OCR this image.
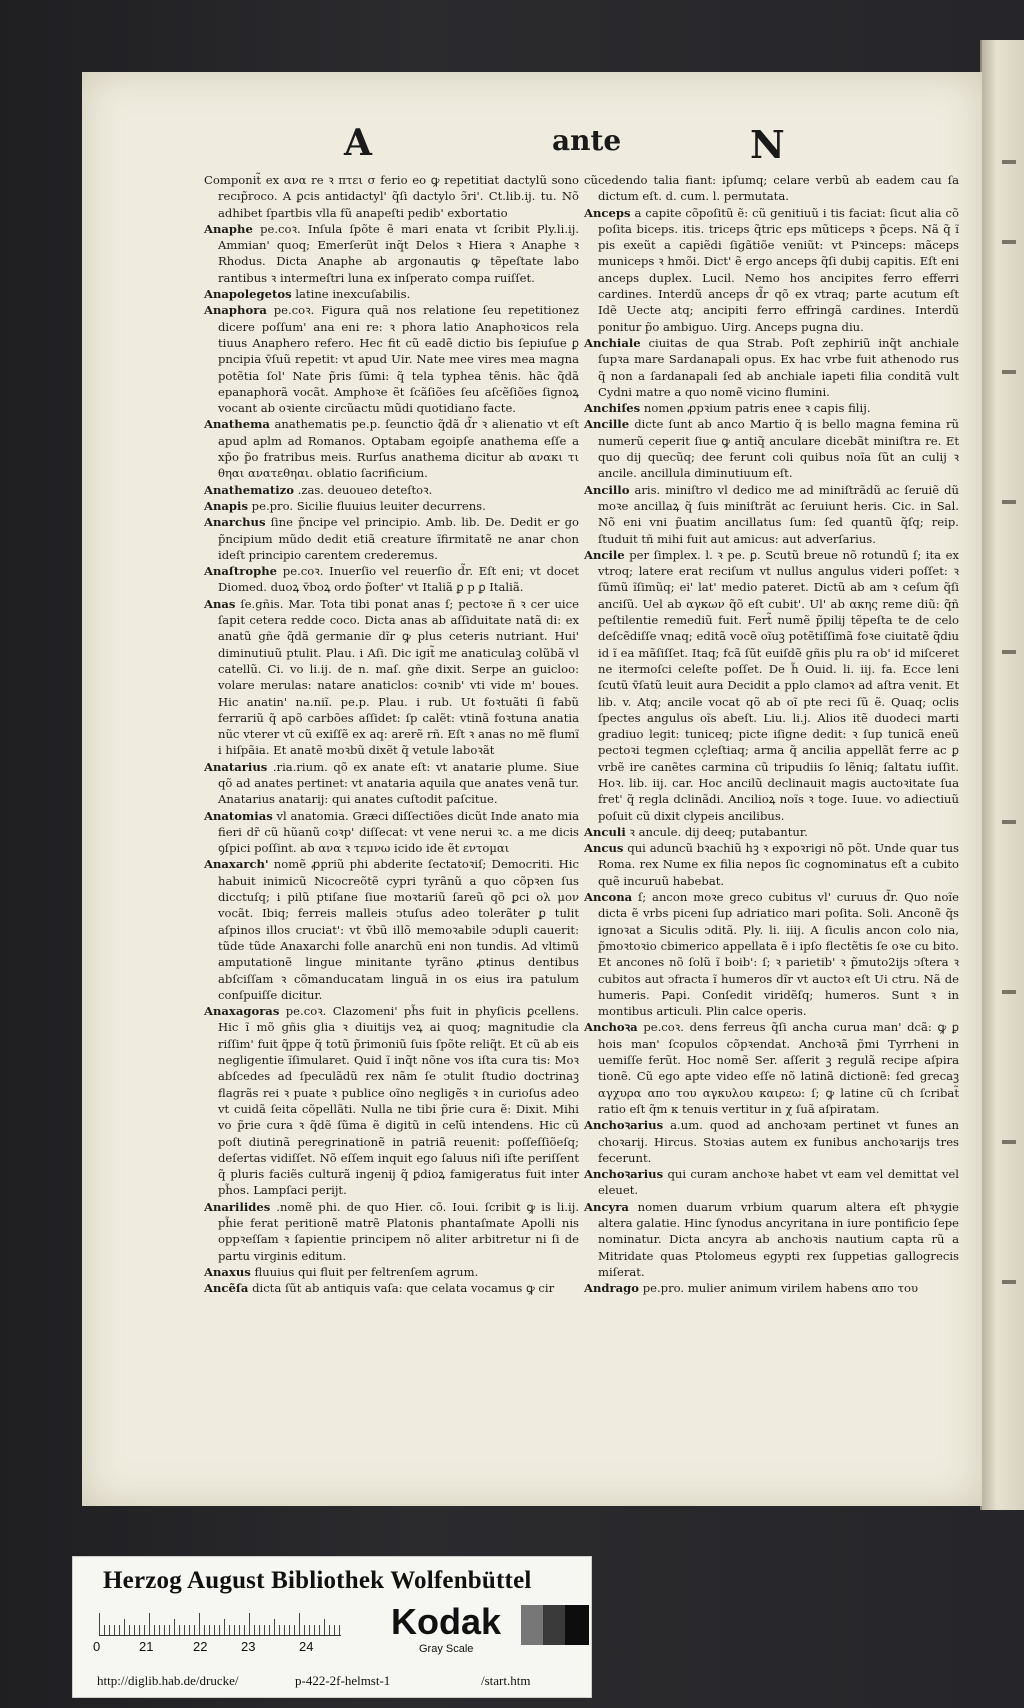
A	ante	N

Componit̃ ex ανα re ꝛ πτει σ ferio eo ꝙ repetitiat dactylũ sono recıp̃roco. A ꝑcis antidactyl' q̃ſi dactylo ↄ̃ri'. Ct.lib.ij. tu. Nõ adhibet ſpartbis vlla fũ anapeſti pedib' exbortatio

Anaphe pe.coꝛ. Inſula ſpõte ẽ mari enata vt ſcribit Ply.li.ij. Ammian' quoq; Emerſerũt inq̃t Delos ꝛ Hiera ꝛ Anaphe ꝛ Rhodus. Dicta Anaphe ab argonautis ꝙ tẽpeſtate labo rantibus ꝛ intermeſtri luna ex inſperato compa ruiſſet.

Anapolegetos latine inexcuſabilis.

Anaphora pe.coꝛ. Figura quã nos relatione ſeu repetitionez dicere poſſum' ana eni re: ꝛ phora latio Anaphoꝛicos rela tiuus Anaphero refero. Hec fit cũ eadẽ dictio bis ſepiuſue ꝑ pncipia v̄ſuũ repetit: vt apud Uir. Nate mee vires mea magna potẽtia ſol' Nate p̃ris ſũmi: q̃ tela typhea tẽnis. hãc q̃dã epanaphorã vocãt. Amphoꝛe ẽt ſcãſiões ſeu aſcẽſiões ſignoꝝ vocant ab oꝛiente circũactu mũdi quotidiano facte.

Anathema anathematis pe.p. ſeunctio q̃dã d̃r ꝛ alienatio vt eſt apud aplm ad Romanos. Optabam egoipſe anathema eſſe a xp̃o p̃o fratribus meis. Rurſus anathema dicitur ab ανακι τι θηαι ανατεθηαι. oblatio ſacrificium.

Anathematizo .zas. deuoueo deteſtoꝛ.

Anapis pe.pro. Sicilie fluuius leuiter decurrens.

Anarchus ſine p̃ncipe vel principio. Amb. lib. De. Dedit er go p̃ncipium mũdo dedit etiã creature ĩfirmitatẽ ne anar chon ideſt principio carentem crederemus.

Anaſtrophe pe.coꝛ. Inuerſio vel reuerſio d̃r. Eſt eni; vt docet Diomed. duoꝝ v̄boꝝ ordo p̃oſter' vt Italiã ꝑ p ꝑ Italiã.

Anas ſe.gñis. Mar. Tota tibi ponat anas ſ; pectoꝛe ñ ꝛ cer uice ſapit cetera redde coco. Dicta anas ab aſſiduitate natã di: ex anatũ gñe q̃dã germanie dĩr ꝙ plus ceteris nutriant. Hui' diminutiuũ ptulit. Plau. i Aſi. Dic igit̃ me anaticulaꝫ colũbã vl catellũ. Ci. vo li.ij. de n. maſ. gñe dixit. Serpe an guicloo: volare merulas: natare anaticlos: coꝛnib' vti vide m' boues. Hic anatin' na.niĩ. pe.p. Plau. i rub. Ut foꝛtuãti ſi fabũ ferrariũ q̃ apõ carbões aſſidet: ſp calẽt: vtinã foꝛtuna anatia nũc vterer vt cũ exiſſẽ ex aq: arerẽ rñ. Eſt ꝛ anas no mẽ flumĩ i hiſpãia. Et anatẽ moꝛbũ dixẽt q̃ vetule laboꝛãt

Anatarius .ria.rium. qõ ex anate eſt: vt anatarie plume. Siue qõ ad anates pertinet: vt anataria aquila que anates venã tur. Anatarius anatarij: qui anates cuſtodit paſcitue.

Anatomias vl anatomia. Græci diſſectiões dicũt Inde anato mia fieri dr̃ cũ hũanũ coꝛp' diſſecat: vt vene nerui ꝛc. a me dicis ꝯſpici poſſint. ab ανα ꝛ τεμνω icido ide ẽt εντοµαι

Anaxarch' nomẽ ꝓpriũ phi abderite ſectatoꝛiſ; Democriti. Hic habuit inimicũ Nicocreõtẽ cypri tyrãnũ a quo cõpꝛen ſus dicctuſq; i pilũ ptiſane ſiue moꝛtariũ ſareũ qõ ꝑci ολ μον vocãt. Ibiq; ferreis malleis ↄtuſus adeo tolerãter ꝑ tulit aſpinos illos cruciat': vt v̄bũ illõ memoꝛabile ↄdupli cauerit: tũde tũde Anaxarchi folle anarchũ eni non tundis. Ad vltimũ amputationẽ lingue minitante tyrãno ꝓtinus dentibus abſciſſam ꝛ cõmanducatam linguã in os eius ira patulum conſpuiſſe dicitur.

Anaxagoras pe.coꝛ. Clazomeni' ph̃s fuit in phyſicis ꝑcellens. Hic ĩ mõ gñis glia ꝛ diuitijs veꝝ ai quoq; magnitudie cla riſſim' fuit q̃ppe q̃ totũ p̃rimoniũ ſuis ſpõte reliq̃t. Et cũ ab eis negligentie ĩſimularet. Quid ĩ inq̃t nõne vos iſta cura tis: Moꝛ abſcedes ad ſpeculãdũ rex nãm ſe ↄtulit ſtudio doctrinaꝫ flagrãs rei ꝛ puate ꝛ publice oĩno negligẽs ꝛ in curioſus adeo vt cuidã ſeita cõpellãti. Nulla ne tibi p̃rie cura ẽ: Dixit. Mihi vo p̃rie cura ꝛ q̃dẽ ſũma ẽ digitũ in ceꝉũ intendens. Hic cũ poſt diutinã peregrinationẽ in patriã reuenit: poſſeſſiõeſq; deſertas vidiſſet. Nõ eſſem inquit ego ſaluus niſi iſte periſſent q̃ pluris faciẽs culturã ingenij q̃ ꝑdioꝝ famigeratus fuit inter ph̃os. Lampſaci perijt.

Anarilides .nomẽ phi. de quo Hier. cõ. Ioui. ſcribit ꝙ is li.ij. ph̃ie ferat peritionẽ matrẽ Platonis phantaſmate Apolli nis oppꝛeſſam ꝛ ſapientie principem nõ aliter arbitretur ni ſi de partu virginis editum.

Anaxus fluuius qui fluit per feltrenſem agrum.

Ancẽſa dicta ſũt ab antiquis vaſa: que celata vocamus ꝙ cir

cũcedendo talia fiant: ipſumq; celare verbũ ab eadem cau ſa dictum eſt. d. cum. l. permutata.

Anceps a capite cõpoſitũ ẽ: cũ genitiuũ i tis faciat: ſicut alia cõ poſita biceps. itis. triceps q̃tric eps mũticeps ꝛ p̃ceps. Nã q̃ ĩ pis exeũt a capiẽdi ſigãtiõe veniũt: vt Pꝛinceps: mãceps municeps ꝛ hmõi. Dict' ẽ ergo anceps q̃ſi dubij capitis. Eſt eni anceps duplex. Lucil. Nemo hos ancipites ferro efferri cardines. Interdũ anceps d̃r qõ ex vtraq; parte acutum eſt Idẽ Uecte atq; ancipiti ferro effringã cardines. Interdũ ponitur p̃o ambiguo. Uirg. Anceps pugna diu.

Anchiale ciuitas de qua Strab. Poſt zephiriũ inq̃t anchiale ſupꝛa mare Sardanapali opus. Ex hac vrbe fuit athenodo rus q̃ non a ſardanapali ſed ab anchiale iapeti filia conditã vult Cydni matre a quo nomẽ vicino flumini.

Anchiſes nomen ꝓpꝛium patris enee ꝛ capis filij.

Ancille dicte ſunt ab anco Martio q̃ is bello magna femina rũ numerũ ceperit ſiue ꝙ antiq̃ anculare dicebãt miniſtra re. Et quo dij quecũq; dee ferunt coli quibus noĩa ſũt an culij ꝛ ancile. ancillula diminutiuum eſt.

Ancillo aris. miniſtro vl dedico me ad miniſtrãdũ ac ſeruiẽ dũ moꝛe ancillaꝝ q̃ ſuis miniſtrãt ac ſeruiunt heris. Cic. in Sal. Nõ eni vni p̃uatim ancillatus ſum: ſed quantũ q̃ſq; reip. ſtuduit tñ mihi fuit aut amicus: aut adverſarius.

Ancile per ſimplex. l. ꝛ pe. ꝑ. Scutũ breue nõ rotundũ ſ; ita ex vtroq; latere erat reciſum vt nullus angulus videri poſſet: ꝛ ſũmũ ĩſimũq; ei' lat' medio pateret. Dictũ ab am ꝛ ceſum q̃ſi anciſũ. Uel ab αγκων q̃õ eſt cubit'. Ul' ab ακης reme diũ: q̃ñ peſtilentie remediũ fuit. Fert̃ numẽ p̃pilij tẽpeſta te de celo deſcẽdiſſe vnaq; editã vocẽ oĩuꝫ potẽtiſſimã foꝛe ciuitatẽ q̃diu id ĩ ea mãſiſſet. Itaq; fcã ſũt euiſdẽ gñis plu ra ob' id miſceret ne itermoſci celeſte poſſet. De h̃ Ouid. li. iij. fa. Ecce leni ſcutũ v̄ſatũ leuit aura Decidit a pplo clamoꝛ ad aſtra venit. Et lib. v. Atq; ancile vocat qõ ab oĩ pte reci ſũ ẽ. Quaq; oclis ſpectes angulus oĩs abeſt. Liu. li.j. Alios itẽ duodeci marti gradiuo legit: tuniceq; picte iſigne dedit: ꝛ ſup tunicã eneũ pectoꝛi tegmen cçleſtiaq; arma q̃ ancilia appellãt ferre ac ꝑ vrbẽ ire canẽtes carmina cũ tripudiis ſo lẽniq; ſaltatu iuſſit. Hoꝛ. lib. iij. car. Hoc ancilũ declinauit magis auctoꝛitate ſua fret' q̃ regla dclinãdi. Ancilioꝝ noĩs ꝛ toge. Iuue. vo adiectiuũ poſuit cũ dixit clypeis ancilibus.

Anculi ꝛ ancule. dij deeq; putabantur.

Ancus qui aduncũ bꝛachiũ hꝫ ꝛ expoꝛrigi nõ põt. Unde quar tus Roma. rex Nume ex filia nepos ſic cognominatus eſt a cubito quẽ incuruũ habebat.

Ancona ſ; ancon moꝛe greco cubitus vl' curuus d̃r. Quo noĩe dicta ẽ vrbs piceni ſup adriatico mari poſita. Soli. Anconẽ q̃s ignoꝛat a Siculis ↄditã. Ply. li. iiij. A ſiculis ancon colo nia, p̃moꝛtoꝛio cbimerico appellata ẽ i ipſo flectẽtis ſe oꝛe cu bito. Et ancones nõ ſolũ ĩ boib': ſ; ꝛ parietib' ꝛ p̃muto2ijs ↄſtera ꝛ cubitos aut ↄfracta ĩ humeros dĩr vt auctoꝛ eſt Ui ctru. Nã de humeris. Papi. Conſedit viridẽſq; humeros. Sunt ꝛ in montibus articuli. Plin calce operis.

Anchoꝛa pe.coꝛ. dens ferreus q̃ſi ancha curua man' dcã: ꝙ ꝑ hois man' ſcopulos cõpꝛendat. Anchoꝛã p̃mi Tyrrheni in uemiſſe ferũt. Hoc nomẽ Ser. aſſerit ꝫ regulã recipe aſpira tionẽ. Cũ ego apte video eſſe nõ latinã dictionẽ: ſed grecaꝫ αγχυρα απο του αγκυλου καιρεω: ſ; ꝙ latine cũ ch ſcribat̃ ratio eſt q̃m κ tenuis vertitur in χ ſuã aſpiratam.

Anchoꝛarius a.um. quod ad anchoꝛam pertinet vt funes an choꝛarij. Hircus. Stoꝛias autem ex funibus anchoꝛarijs tres fecerunt.

Anchoꝛarius qui curam anchoꝛe habet vt eam vel demittat vel eleuet.

Ancyra nomen duarum vrbium quarum altera eſt phꝛygie altera galatie. Hinc ſynodus ancyritana in iure pontificio ſepe nominatur. Dicta ancyra ab anchoꝛis nautium capta rũ a Mitridate quas Ptolomeus egypti rex ſuppetias gallogrecis miſerat.

Andrago pe.pro. mulier animum virilem habens απο του

Herzog August Bibliothek Wolfenbüttel
0	21	22	23	24
Kodak
Gray Scale
http://diglib.hab.de/drucke/	p-422-2f-helmst-1	/start.htm
